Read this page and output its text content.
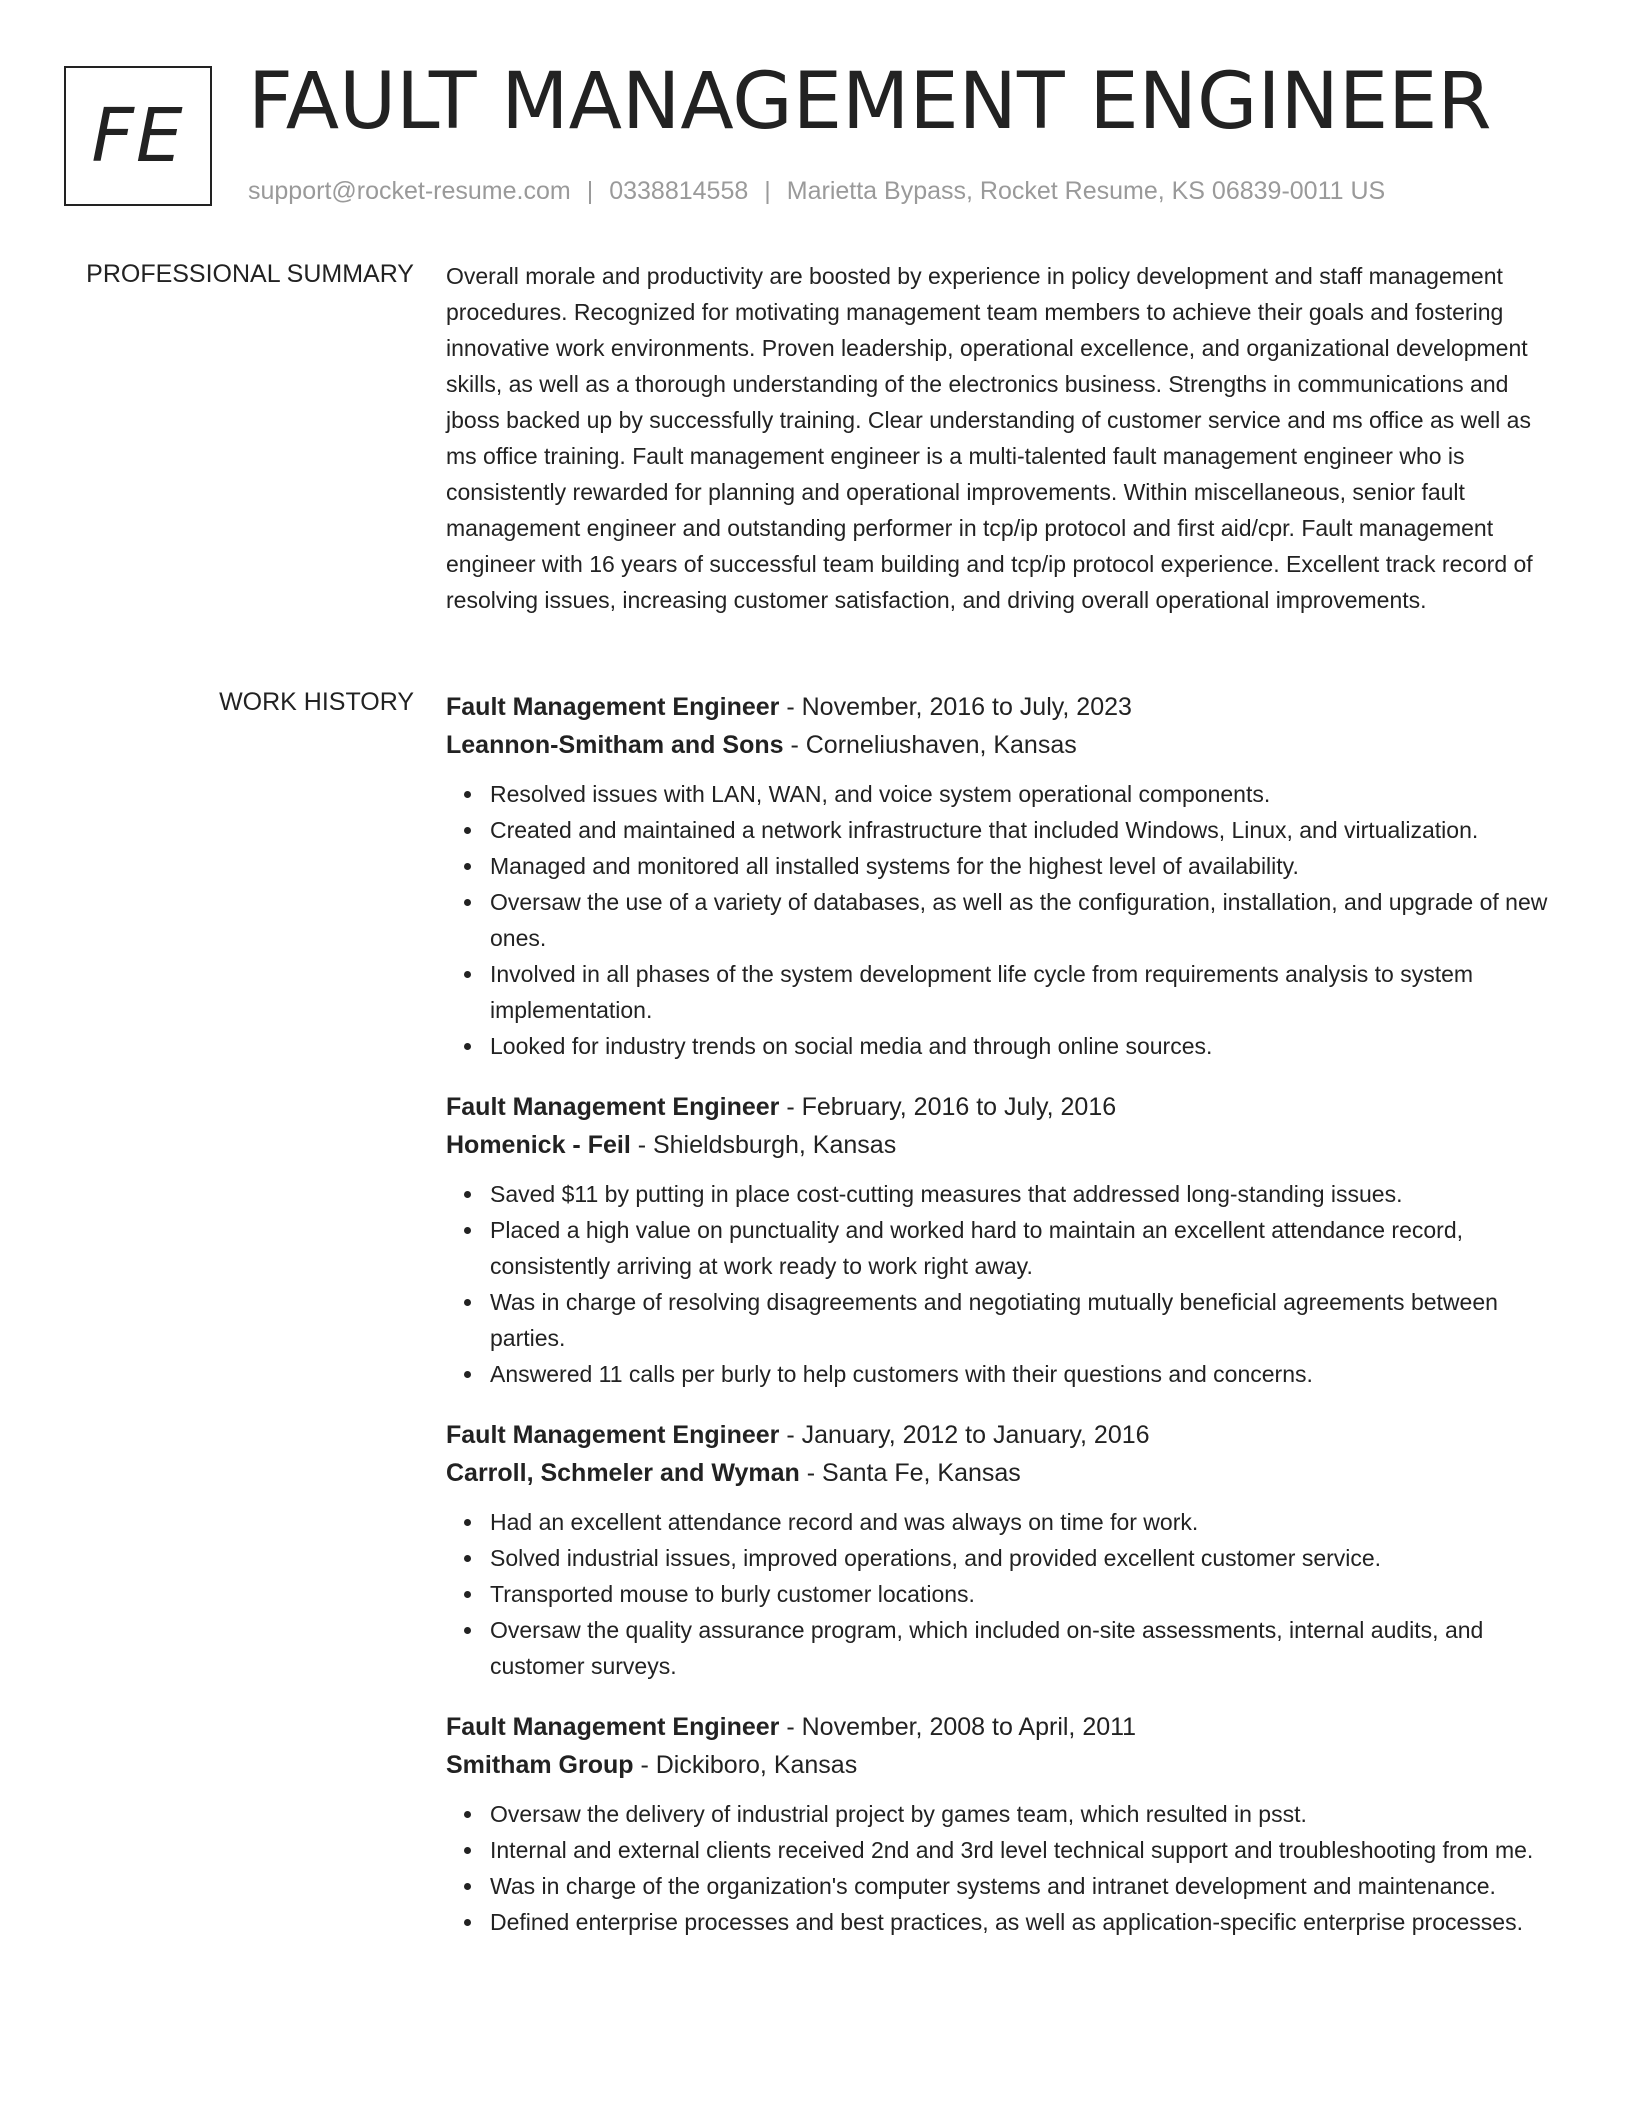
FE FAULT MANAGEMENT ENGINEER
support@rocket-resume.com | 0338814558 | Marietta Bypass, Rocket Resume, KS 06839-0011 US
PROFESSIONAL SUMMARY Overall morale and productivity are boosted by experience in policy development and staff management procedures. Recognized for motivating management team members to achieve their goals and fostering innovative work environments. Proven leadership, operational excellence, and organizational development skills, as well as a thorough understanding of the electronics business. Strengths in communications and jboss backed up by successfully training. Clear understanding of customer service and ms office as well as ms office training. Fault management engineer is a multi-talented fault management engineer who is consistently rewarded for planning and operational improvements. Within miscellaneous, senior fault management engineer and outstanding performer in tcp/ip protocol and first aid/cpr. Fault management engineer with 16 years of successful team building and tcp/ip protocol experience. Excellent track record of resolving issues, increasing customer satisfaction, and driving overall operational improvements.

WORK HISTORY Fault Management Engineer - November, 2016 to July, 2023
Leannon-Smitham and Sons - Corneliushaven, Kansas
Resolved issues with LAN, WAN, and voice system operational components.
Created and maintained a network infrastructure that included Windows, Linux, and virtualization.
Managed and monitored all installed systems for the highest level of availability.
Oversaw the use of a variety of databases, as well as the configuration, installation, and upgrade of new ones.
Involved in all phases of the system development life cycle from requirements analysis to system implementation.
Looked for industry trends on social media and through online sources.
Fault Management Engineer - February, 2016 to July, 2016
Homenick - Feil - Shieldsburgh, Kansas
Saved $11 by putting in place cost-cutting measures that addressed long-standing issues.
Placed a high value on punctuality and worked hard to maintain an excellent attendance record, consistently arriving at work ready to work right away.
Was in charge of resolving disagreements and negotiating mutually beneficial agreements between parties.
Answered 11 calls per burly to help customers with their questions and concerns.
Fault Management Engineer - January, 2012 to January, 2016
Carroll, Schmeler and Wyman - Santa Fe, Kansas
Had an excellent attendance record and was always on time for work.
Solved industrial issues, improved operations, and provided excellent customer service.
Transported mouse to burly customer locations.
Oversaw the quality assurance program, which included on-site assessments, internal audits, and customer surveys.
Fault Management Engineer - November, 2008 to April, 2011
Smitham Group - Dickiboro, Kansas
Oversaw the delivery of industrial project by games team, which resulted in psst.
Internal and external clients received 2nd and 3rd level technical support and troubleshooting from me.
Was in charge of the organization's computer systems and intranet development and maintenance.
Defined enterprise processes and best practices, as well as application-specific enterprise processes.
